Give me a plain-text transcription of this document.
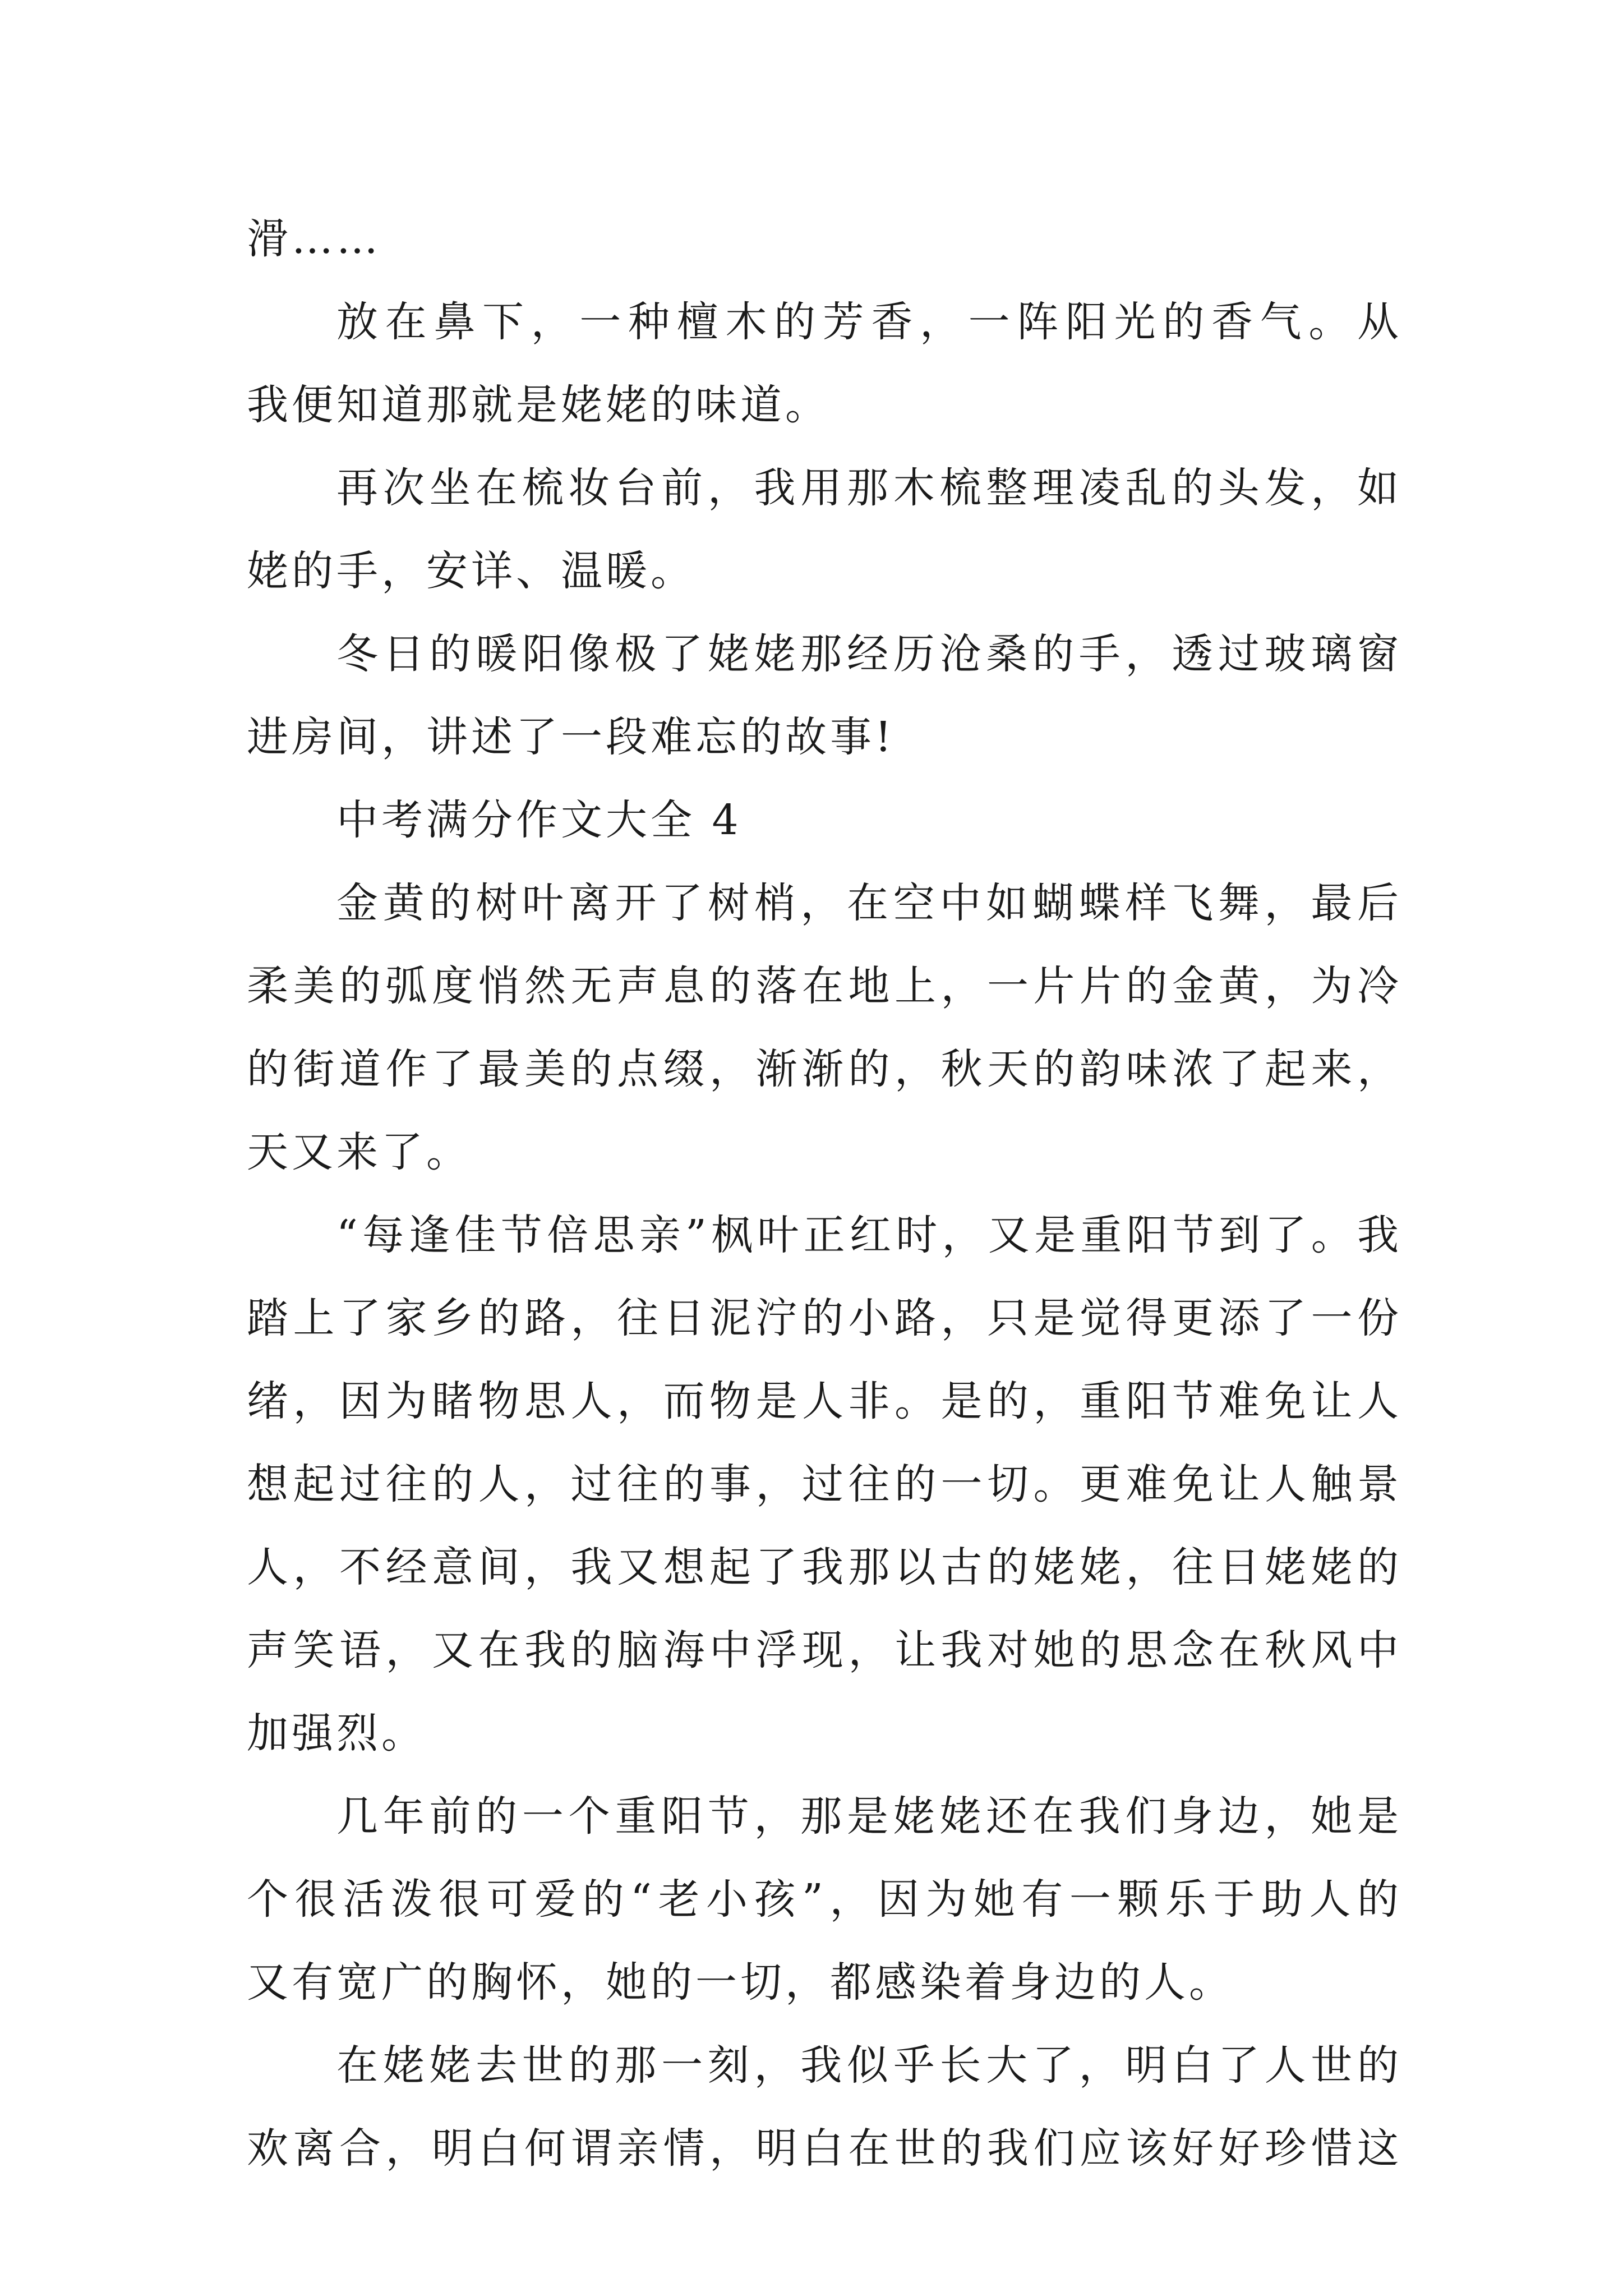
滑……
放在鼻下，一种檀木的芳香，一阵阳光的香气。从
我便知道那就是姥姥的味道。
再次坐在梳妆台前，我用那木梳整理凌乱的头发，如
姥的手，安详、温暖。
冬日的暖阳像极了姥姥那经历沧桑的手，透过玻璃窗
进房间，讲述了一段难忘的故事!
中考满分作文大全 4
金黄的树叶离开了树梢，在空中如蝴蝶样飞舞，最后
柔美的弧度悄然无声息的落在地上，一片片的金黄，为冷
的街道作了最美的点缀，渐渐的，秋天的韵味浓了起来，
天又来了。
“每逢佳节倍思亲”枫叶正红时，又是重阳节到了。我
踏上了家乡的路，往日泥泞的小路，只是觉得更添了一份
绪，因为睹物思人，而物是人非。是的，重阳节难免让人
想起过往的人，过往的事，过往的一切。更难免让人触景
人，不经意间，我又想起了我那以古的姥姥，往日姥姥的
声笑语，又在我的脑海中浮现，让我对她的思念在秋风中
加强烈。
几年前的一个重阳节，那是姥姥还在我们身边，她是
个很活泼很可爱的“老小孩”，因为她有一颗乐于助人的
又有宽广的胸怀，她的一切，都感染着身边的人。
在姥姥去世的那一刻，我似乎长大了，明白了人世的
欢离合，明白何谓亲情，明白在世的我们应该好好珍惜这
